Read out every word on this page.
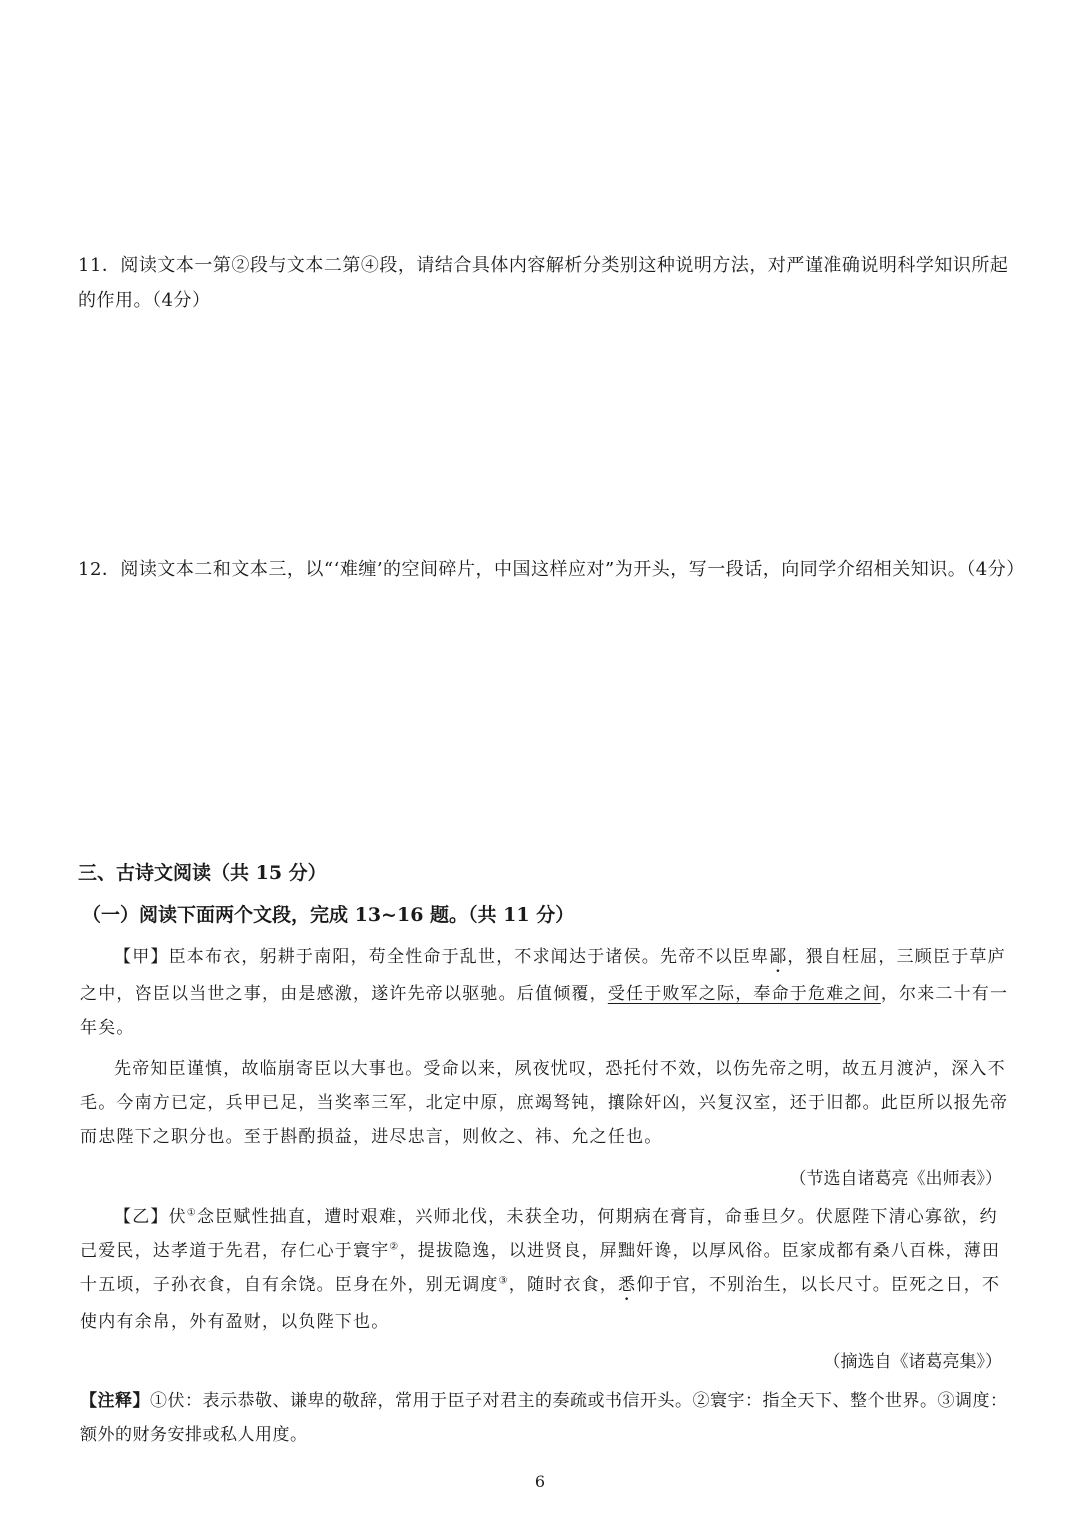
11．阅读文本一第②段与文本二第④段，请结合具体内容解析分类别这种说明方法，对严谨准确说明科学知识所起的作用。（4分）

12．阅读文本二和文本三，以“‘难缠’的空间碎片，中国这样应对”为开头，写一段话，向同学介绍相关知识。（4分）

三、古诗文阅读（共 15 分）
（一）阅读下面两个文段，完成 13~16 题。（共 11 分）

【甲】臣本布衣，躬耕于南阳，苟全性命于乱世，不求闻达于诸侯。先帝不以臣卑鄙，猥自枉屈，三顾臣于草庐之中，咨臣以当世之事，由是感激，遂许先帝以驱驰。后值倾覆，受任于败军之际，奉命于危难之间，尔来二十有一年矣。

先帝知臣谨慎，故临崩寄臣以大事也。受命以来，夙夜忧叹，恐托付不效，以伤先帝之明，故五月渡泸，深入不毛。今南方已定，兵甲已足，当奖率三军，北定中原，庶竭驽钝，攘除奸凶，兴复汉室，还于旧都。此臣所以报先帝而忠陛下之职分也。至于斟酌损益，进尽忠言，则攸之、祎、允之任也。

（节选自诸葛亮《出师表》）

【乙】伏①念臣赋性拙直，遭时艰难，兴师北伐，未获全功，何期病在膏肓，命垂旦夕。伏愿陛下清心寡欲，约己爱民，达孝道于先君，存仁心于寰宇②，提拔隐逸，以进贤良，屏黜奸谗，以厚风俗。臣家成都有桑八百株，薄田十五顷，子孙衣食，自有余饶。臣身在外，别无调度③，随时衣食，悉仰于官，不别治生，以长尺寸。臣死之日，不使内有余帛，外有盈财，以负陛下也。

（摘选自《诸葛亮集》）

【注释】①伏：表示恭敬、谦卑的敬辞，常用于臣子对君主的奏疏或书信开头。②寰宇：指全天下、整个世界。③调度：额外的财务安排或私人用度。

6
